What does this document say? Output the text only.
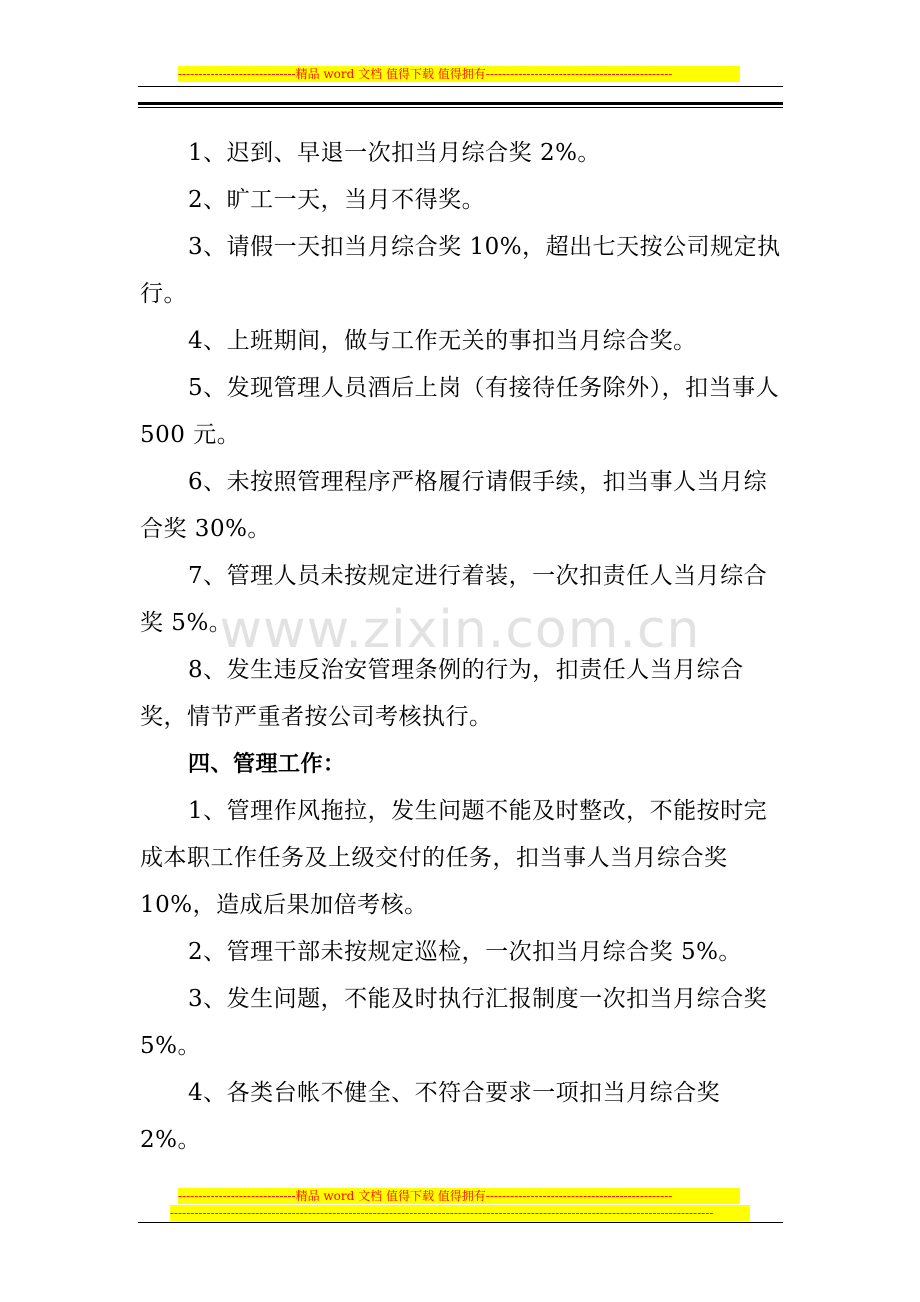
-----------------------------精品 word 文档 值得下载 值得拥有----------------------------------------------

1、迟到、早退一次扣当月综合奖 2%。

2、旷工一天，当月不得奖。

3、请假一天扣当月综合奖 10%，超出七天按公司规定执行。

4、上班期间，做与工作无关的事扣当月综合奖。

5、发现管理人员酒后上岗（有接待任务除外），扣当事人 500 元。

6、未按照管理程序严格履行请假手续，扣当事人当月综合奖 30%。

7、管理人员未按规定进行着装，一次扣责任人当月综合奖 5%。

8、发生违反治安管理条例的行为，扣责任人当月综合奖，情节严重者按公司考核执行。

四、管理工作：

1、管理作风拖拉，发生问题不能及时整改，不能按时完成本职工作任务及上级交付的任务，扣当事人当月综合奖 10%，造成后果加倍考核。

2、管理干部未按规定巡检，一次扣当月综合奖 5%。

3、发生问题，不能及时执行汇报制度一次扣当月综合奖 5%。

4、各类台帐不健全、不符合要求一项扣当月综合奖 2%。

www.zixin.com.cn
-----------------------------精品 word 文档 值得下载 值得拥有----------------------------------------------
--------------------------------------------------------------------------------------------------------------------------------------
